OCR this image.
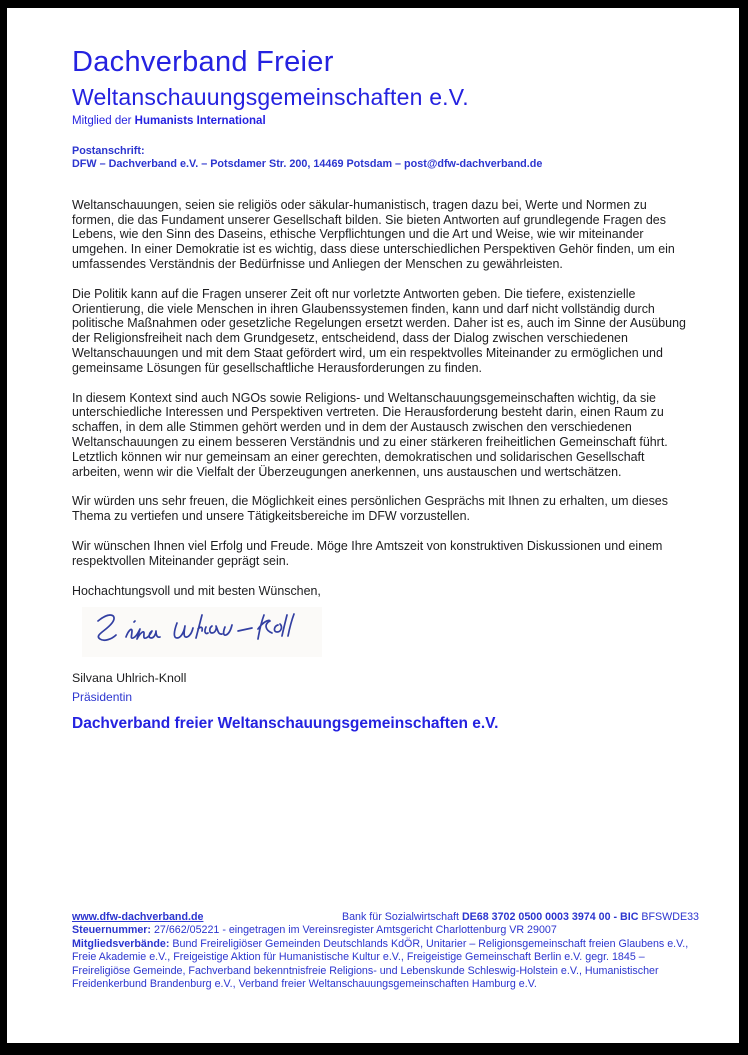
Dachverband Freier
Weltanschauungsgemeinschaften e.V.
Mitglied der Humanists International
Postanschrift:
DFW – Dachverband e.V. – Potsdamer Str. 200, 14469 Potsdam – post@dfw-dachverband.de

Weltanschauungen, seien sie religiös oder säkular-humanistisch, tragen dazu bei, Werte und Normen zu formen, die das Fundament unserer Gesellschaft bilden. Sie bieten Antworten auf grundlegende Fragen des Lebens, wie den Sinn des Daseins, ethische Verpflichtungen und die Art und Weise, wie wir miteinander umgehen. In einer Demokratie ist es wichtig, dass diese unterschiedlichen Perspektiven Gehör finden, um ein umfassendes Verständnis der Bedürfnisse und Anliegen der Menschen zu gewährleisten.

Die Politik kann auf die Fragen unserer Zeit oft nur vorletzte Antworten geben. Die tiefere, existenzielle Orientierung, die viele Menschen in ihren Glaubenssystemen finden, kann und darf nicht vollständig durch politische Maßnahmen oder gesetzliche Regelungen ersetzt werden. Daher ist es, auch im Sinne der Ausübung der Religionsfreiheit nach dem Grundgesetz, entscheidend, dass der Dialog zwischen verschiedenen Weltanschauungen und mit dem Staat gefördert wird, um ein respektvolles Miteinander zu ermöglichen und gemeinsame Lösungen für gesellschaftliche Herausforderungen zu finden.

In diesem Kontext sind auch NGOs sowie Religions- und Weltanschauungsgemeinschaften wichtig, da sie unterschiedliche Interessen und Perspektiven vertreten. Die Herausforderung besteht darin, einen Raum zu schaffen, in dem alle Stimmen gehört werden und in dem der Austausch zwischen den verschiedenen Weltanschauungen zu einem besseren Verständnis und zu einer stärkeren freiheitlichen Gemeinschaft führt. Letztlich können wir nur gemeinsam an einer gerechten, demokratischen und solidarischen Gesellschaft arbeiten, wenn wir die Vielfalt der Überzeugungen anerkennen, uns austauschen und wertschätzen.

Wir würden uns sehr freuen, die Möglichkeit eines persönlichen Gesprächs mit Ihnen zu erhalten, um dieses Thema zu vertiefen und unsere Tätigkeitsbereiche im DFW vorzustellen.

Wir wünschen Ihnen viel Erfolg und Freude. Möge Ihre Amtszeit von konstruktiven Diskussionen und einem respektvollen Miteinander geprägt sein.

Hochachtungsvoll und mit besten Wünschen,

Silvana Uhlrich-Knoll
Präsidentin
Dachverband freier Weltanschauungsgemeinschaften e.V.
www.dfw-dachverband.de	Bank für Sozialwirtschaft DE68 3702 0500 0003 3974 00 - BIC BFSWDE33
Steuernummer: 27/662/05221 - eingetragen im Vereinsregister Amtsgericht Charlottenburg VR 29007
Mitgliedsverbände: Bund Freireligiöser Gemeinden Deutschlands KdÖR, Unitarier – Religionsgemeinschaft freien Glaubens e.V., Freie Akademie e.V., Freigeistige Aktion für Humanistische Kultur e.V., Freigeistige Gemeinschaft Berlin e.V. gegr. 1845 – Freireligiöse Gemeinde, Fachverband bekenntnisfreie Religions- und Lebenskunde Schleswig-Holstein e.V., Humanistischer Freidenkerbund Brandenburg e.V., Verband freier Weltanschauungsgemeinschaften Hamburg e.V.
